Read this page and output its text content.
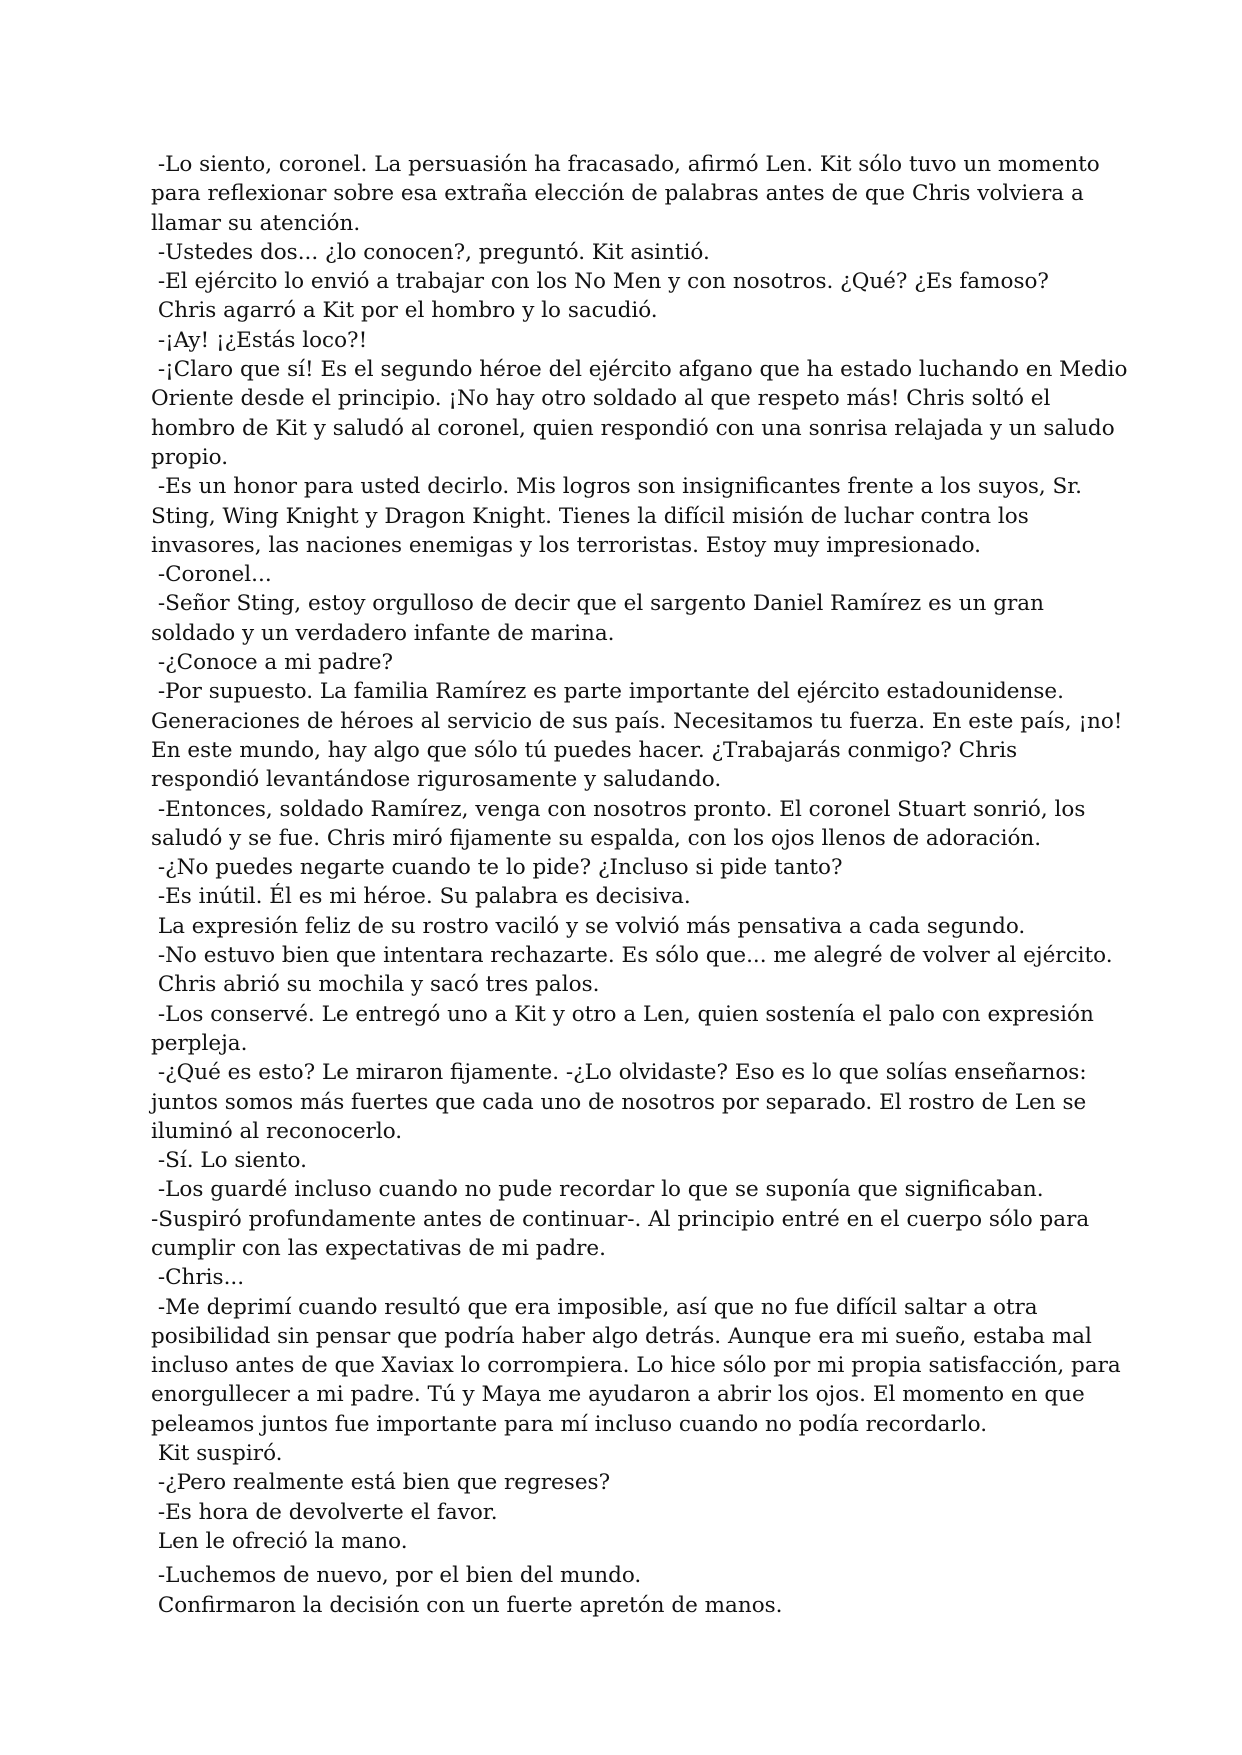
-Lo siento, coronel. La persuasión ha fracasado, afirmó Len. Kit sólo tuvo un momento
para reflexionar sobre esa extraña elección de palabras antes de que Chris volviera a
llamar su atención.
-Ustedes dos... ¿lo conocen?, preguntó. Kit asintió.
-El ejército lo envió a trabajar con los No Men y con nosotros. ¿Qué? ¿Es famoso?
Chris agarró a Kit por el hombro y lo sacudió.
-¡Ay! ¡¿Estás loco?!
-¡Claro que sí! Es el segundo héroe del ejército afgano que ha estado luchando en Medio
Oriente desde el principio. ¡No hay otro soldado al que respeto más! Chris soltó el
hombro de Kit y saludó al coronel, quien respondió con una sonrisa relajada y un saludo
propio.
-Es un honor para usted decirlo. Mis logros son insignificantes frente a los suyos, Sr.
Sting, Wing Knight y Dragon Knight. Tienes la difícil misión de luchar contra los
invasores, las naciones enemigas y los terroristas. Estoy muy impresionado.
-Coronel...
-Señor Sting, estoy orgulloso de decir que el sargento Daniel Ramírez es un gran
soldado y un verdadero infante de marina.
-¿Conoce a mi padre?
-Por supuesto. La familia Ramírez es parte importante del ejército estadounidense.
Generaciones de héroes al servicio de sus país. Necesitamos tu fuerza. En este país, ¡no!
En este mundo, hay algo que sólo tú puedes hacer. ¿Trabajarás conmigo? Chris
respondió levantándose rigurosamente y saludando.
-Entonces, soldado Ramírez, venga con nosotros pronto. El coronel Stuart sonrió, los
saludó y se fue. Chris miró fijamente su espalda, con los ojos llenos de adoración.
-¿No puedes negarte cuando te lo pide? ¿Incluso si pide tanto?
-Es inútil. Él es mi héroe. Su palabra es decisiva.
La expresión feliz de su rostro vaciló y se volvió más pensativa a cada segundo.
-No estuvo bien que intentara rechazarte. Es sólo que... me alegré de volver al ejército.
Chris abrió su mochila y sacó tres palos.
-Los conservé. Le entregó uno a Kit y otro a Len, quien sostenía el palo con expresión
perpleja.
-¿Qué es esto? Le miraron fijamente. -¿Lo olvidaste? Eso es lo que solías enseñarnos:
juntos somos más fuertes que cada uno de nosotros por separado. El rostro de Len se
iluminó al reconocerlo.
-Sí. Lo siento.
-Los guardé incluso cuando no pude recordar lo que se suponía que significaban.
-Suspiró profundamente antes de continuar-. Al principio entré en el cuerpo sólo para
cumplir con las expectativas de mi padre.
-Chris...
-Me deprimí cuando resultó que era imposible, así que no fue difícil saltar a otra
posibilidad sin pensar que podría haber algo detrás. Aunque era mi sueño, estaba mal
incluso antes de que Xaviax lo corrompiera. Lo hice sólo por mi propia satisfacción, para
enorgullecer a mi padre. Tú y Maya me ayudaron a abrir los ojos. El momento en que
peleamos juntos fue importante para mí incluso cuando no podía recordarlo.
Kit suspiró.
-¿Pero realmente está bien que regreses?
-Es hora de devolverte el favor.
Len le ofreció la mano.
-Luchemos de nuevo, por el bien del mundo.
Confirmaron la decisión con un fuerte apretón de manos.
